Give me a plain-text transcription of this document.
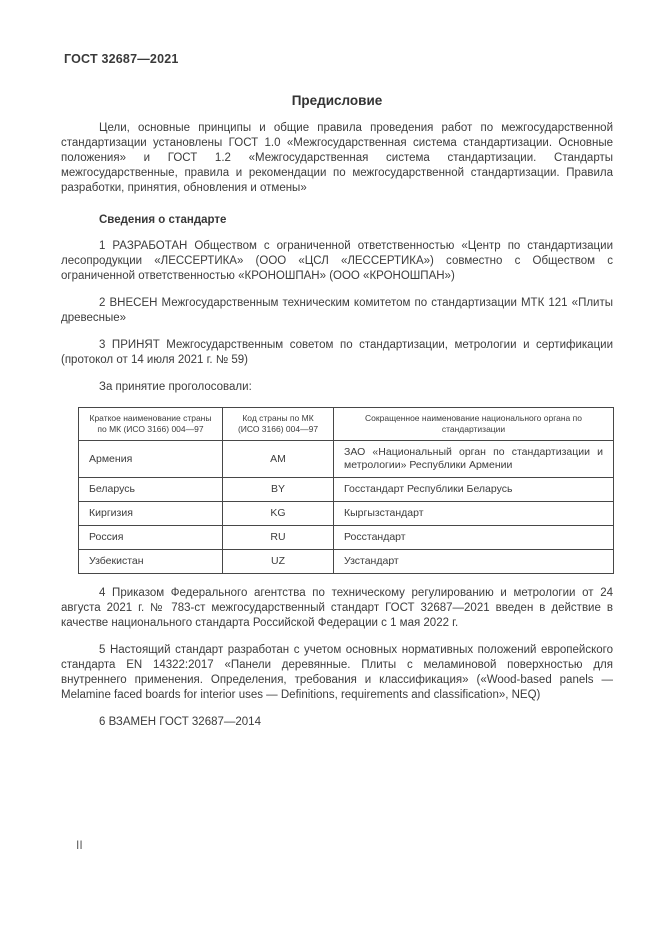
ГОСТ 32687—2021
Предисловие

Цели, основные принципы и общие правила проведения работ по межгосударственной стандартизации установлены ГОСТ 1.0 «Межгосударственная система стандартизации. Основные положения» и ГОСТ 1.2 «Межгосударственная система стандартизации. Стандарты межгосударственные, правила и рекомендации по межгосударственной стандартизации. Правила разработки, принятия, обновления и отмены»

Сведения о стандарте

1 РАЗРАБОТАН Обществом с ограниченной ответственностью «Центр по стандартизации лесопродукции «ЛЕССЕРТИКА» (ООО «ЦСЛ «ЛЕССЕРТИКА») совместно с Обществом с ограниченной ответственностью «КРОНОШПАН» (ООО «КРОНОШПАН»)

2 ВНЕСЕН Межгосударственным техническим комитетом по стандартизации МТК 121 «Плиты древесные»

3 ПРИНЯТ Межгосударственным советом по стандартизации, метрологии и сертификации (протокол от 14 июля 2021 г. № 59)

За принятие проголосовали:

Краткое наименование страны по МК (ИСО 3166) 004—97	Код страны по МК (ИСО 3166) 004—97	Сокращенное наименование национального органа по стандартизации
Армения	AM	ЗАО «Национальный орган по стандартизации и метрологии» Республики Армении
Беларусь	BY	Госстандарт Республики Беларусь
Киргизия	KG	Кыргызстандарт
Россия	RU	Росстандарт
Узбекистан	UZ	Узстандарт

4 Приказом Федерального агентства по техническому регулированию и метрологии от 24 августа 2021 г. № 783-ст межгосударственный стандарт ГОСТ 32687—2021 введен в действие в качестве национального стандарта Российской Федерации с 1 мая 2022 г.

5 Настоящий стандарт разработан с учетом основных нормативных положений европейского стандарта EN 14322:2017 «Панели деревянные. Плиты с меламиновой поверхностью для внутреннего применения. Определения, требования и классификация» («Wood-based panels — Melamine faced boards for interior uses — Definitions, requirements and classification», NEQ)

6 ВЗАМЕН ГОСТ 32687—2014

II
